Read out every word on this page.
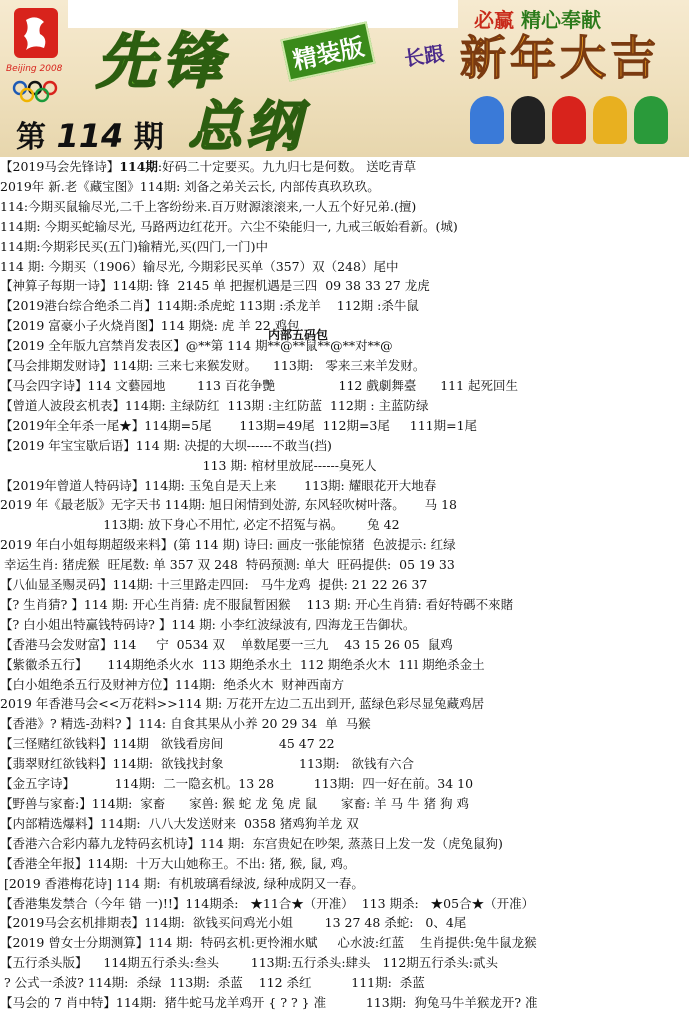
Beijing 2008 先锋	精装版
总纲
第 114 期
必赢 精心奉献
长跟 新年大吉

【2019马会先锋诗】114期:好码二十定要买。九九归七是何数。 送吃青草
2019年 新.老《藏宝图》114期: 刘备之弟关云长, 内部传真玖玖玖。
114:今期买鼠输尽光,二千上客纷纷来.百万财源滚滚来,一人五个好兄弟.(擅)
114期: 今期买蛇输尽光, 马路两边红花开。六尘不染能归一, 九戒三皈始看新。(城)
114期:今期彩民买(五门)输精光,买(四门,一门)中
114 期: 今期买（1906）输尽光, 今期彩民买单（357）双（248）尾中
【神算子每期一诗】114期: 锋  2145 单 把握机遇是三四  09 38 33 27 龙虎
【2019港台综合绝杀二肖】114期:杀虎蛇 113期 :杀龙羊    112期 :杀牛鼠
【2019 富豪小子火烧肖图】114 期烧: 虎 羊 22 鸡包
【2019 全年版九宫禁肖发表区】@**第 114 期**@**鼠**@**对**@
【马会排期发财诗】114期: 三来七来猴发财。    113期:   零来三来羊发财。
【马会四字诗】114 文藝园地        113 百花争艷                112 戲劇舞臺      111 起死回生
【曾道人波段玄机表】114期: 主绿防红  113期 :主红防蓝  112期 : 主蓝防绿
【2019年全年杀一尾★】114期=5尾       113期=49尾  112期=3尾     111期=1尾
【2019 年宝宝歇后语】114 期: 决提的大坝------不敢当(挡)
113 期: 棺材里放屁------臭死人
【2019年曾道人特码诗】114期: 玉兔自是天上来       113期: 耀眼花开大地春
2019 年《最老版》无字天书 114期: 旭日闲情到处游, 东风轻吹树叶落。     马 18
113期: 放下身心不用忙, 必定不招冤与祸。      兔 42
2019 年白小姐每期超级来料】(第 114 期) 诗曰: 画皮一张能惊猪  色波提示: 红绿
幸运生肖: 猪虎猴  旺尾数: 单 357 双 248  特码预测: 单大  旺码提供:  05 19 33
【八仙显圣赐灵码】114期: 十三里路走四回:   马牛龙鸡  提供: 21 22 26 37
【? 生肖猜? 】114 期: 开心生肖猜: 虎不服鼠暂困猴    113 期: 开心生肖猜: 看好特碼不來賭
【? 白小姐出特赢钱特码诗? 】114 期: 小李红波绿波有, 四海龙王告御状。
【香港马会发财富】114     宁  0534 双    单数尾要一三九    43 15 26 05  鼠鸡
【紫徽杀五行】     114期绝杀火水  113 期绝杀水土  112 期绝杀火木  11l 期绝杀金土
【白小姐绝杀五行及财神方位】114期:  绝杀火木  财神西南方
2019 年香港马会<<万花料>>114 期: 万花开左边二五出到开, 蓝绿色彩尽显兔藏鸡居
【香港》? 精选-劲料? 】114: 自食其果从小养 20 29 34  单  马猴
【三怪赌红欲钱料】114期   欲钱看房间              45 47 22
【翡翠财红欲钱料】114期:  欲钱找封象                   113期:   欲钱有六合
【金五字诗】          114期:  二一隐玄机。13 28          113期:  四一好在前。34 10
【野兽与家畜:】114期:  家畜      家兽: 猴 蛇 龙 兔 虎 鼠      家畜: 羊 马 牛 猪 狗 鸡
【内部精选爆料】114期:  八八大发送财来  0358 猪鸡狗羊龙 双
【香港六合彩内幕九龙特码玄机诗】114 期:  东宫贵妃在吵架, 蒸蒸日上发一发（虎兔鼠狗)
【香港全年报】114期:  十万大山她称王。不出: 猪, 猴, 鼠, 鸡。
[2019 香港梅花诗] 114 期:  有机玻璃看绿波, 绿种成阴又一春。
【香港集发禁合（今年 错 一)!!】114期杀:   ★11合★（开准）  113 期杀:   ★05合★（开准）
【2019马会玄机排期表】114期:  欲钱买问鸡光小姐        13 27 48 杀蛇:   0、4尾
【2019 曾女士分期测算】114 期:  特码玄机:更怜湘水赋     心水波:红蓝    生肖提供:兔牛鼠龙猴
【五行杀头版】    114期五行杀头:叁头        113期:五行杀头:肆头   112期五行杀头:贰头
? 公式一杀波? 114期:  杀绿  113期:  杀蓝    112 杀红          111期:  杀蓝
【马会的 7 肖中特】114期:  猪牛蛇马龙羊鸡开 { ? ? } 准          113期:  狗兔马牛羊猴龙开? 准
内部五码包
